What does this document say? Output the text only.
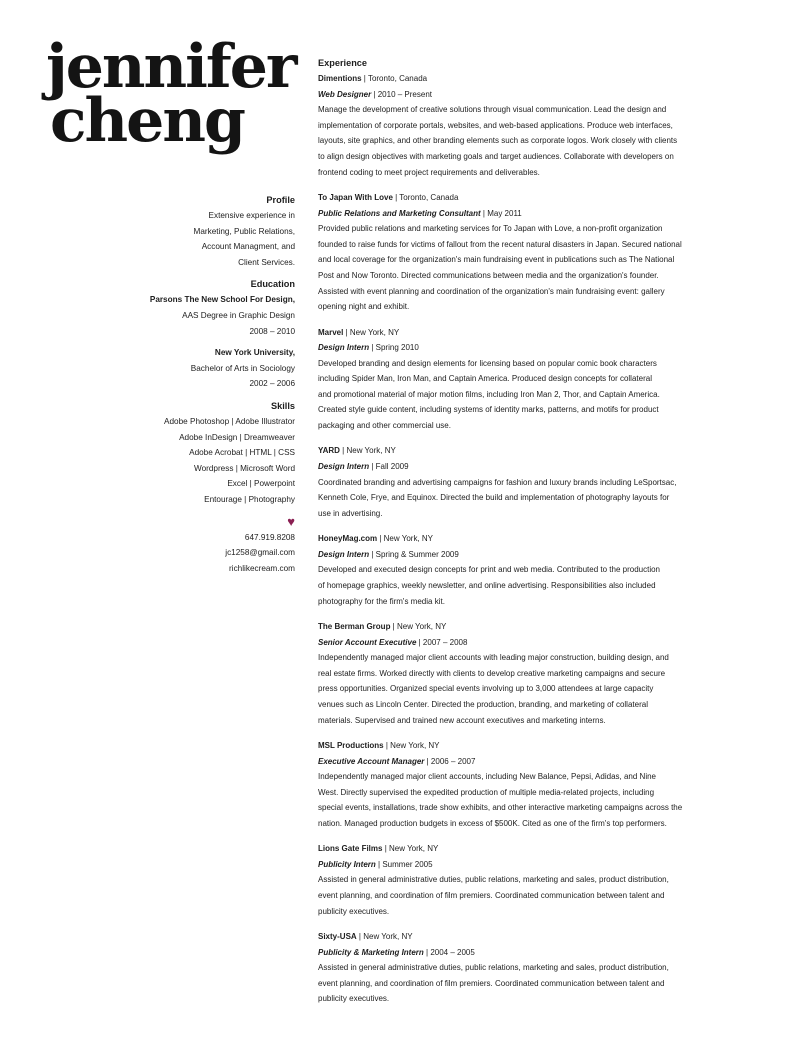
jennifer
cheng
Profile
Extensive experience in
Marketing, Public Relations,
Account Managment, and
Client Services.
Education
Parsons The New School For Design,
AAS Degree in Graphic Design
2008 – 2010
New York University,
Bachelor of Arts in Sociology
2002 – 2006
Skills
Adobe Photoshop | Adobe Illustrator
Adobe InDesign | Dreamweaver
Adobe Acrobat | HTML | CSS
Wordpress | Microsoft Word
Excel | Powerpoint
Entourage | Photography
♥
647.919.8208
jc1258@gmail.com
richlikecream.com
Experience
Dimentions | Toronto, Canada
Web Designer | 2010 – Present

Manage the development of creative solutions through visual communication. Lead the design and

implementation of corporate portals, websites, and web-based applications. Produce web interfaces,

layouts, site graphics, and other branding elements such as corporate logos. Work closely with clients

to align design objectives with marketing goals and target audiences. Collaborate with developers on

frontend coding to meet project requirements and deliverables.

To Japan With Love | Toronto, Canada
Public Relations and Marketing Consultant | May 2011

Provided public relations and marketing services for To Japan with Love, a non-profit organization

founded to raise funds for victims of fallout from the recent natural disasters in Japan. Secured national

and local coverage for the organization's main fundraising event in publications such as The National

Post and Now Toronto. Directed communications between media and the organization's founder.

Assisted with event planning and coordination of the organization's main fundraising event: gallery

opening night and exhibit.

Marvel | New York, NY
Design Intern | Spring 2010

Developed branding and design elements for licensing based on popular comic book characters

including Spider Man, Iron Man, and Captain America. Produced design concepts for collateral

and promotional material of major motion films, including Iron Man 2, Thor, and Captain America.

Created style guide content, including systems of identity marks, patterns, and motifs for product

packaging and other commercial use.

YARD | New York, NY
Design Intern | Fall 2009

Coordinated branding and advertising campaigns for fashion and luxury brands including LeSportsac,

Kenneth Cole, Frye, and Equinox. Directed the build and implementation of photography layouts for

use in advertising.

HoneyMag.com | New York, NY
Design Intern | Spring & Summer 2009

Developed and executed design concepts for print and web media. Contributed to the production

of homepage graphics, weekly newsletter, and online advertising. Responsibilities also included

photography for the firm's media kit.

The Berman Group | New York, NY
Senior Account Executive | 2007 – 2008

Independently managed major client accounts with leading major construction, building design, and

real estate firms. Worked directly with clients to develop creative marketing campaigns and secure

press opportunities. Organized special events involving up to 3,000 attendees at large capacity

venues such as Lincoln Center. Directed the production, branding, and marketing of collateral

materials. Supervised and trained new account executives and marketing interns.

MSL Productions | New York, NY
Executive Account Manager | 2006 – 2007

Independently managed major client accounts, including New Balance, Pepsi, Adidas, and Nine

West. Directly supervised the expedited production of multiple media-related projects, including

special events, installations, trade show exhibits, and other interactive marketing campaigns across the

nation. Managed production budgets in excess of $500K. Cited as one of the firm's top performers.

Lions Gate Films | New York, NY
Publicity Intern | Summer 2005

Assisted in general administrative duties, public relations, marketing and sales, product distribution,

event planning, and coordination of film premiers. Coordinated communication between talent and

publicity executives.

Sixty-USA | New York, NY
Publicity & Marketing Intern | 2004 – 2005

Assisted in general administrative duties, public relations, marketing and sales, product distribution,

event planning, and coordination of film premiers. Coordinated communication between talent and

publicity executives.
